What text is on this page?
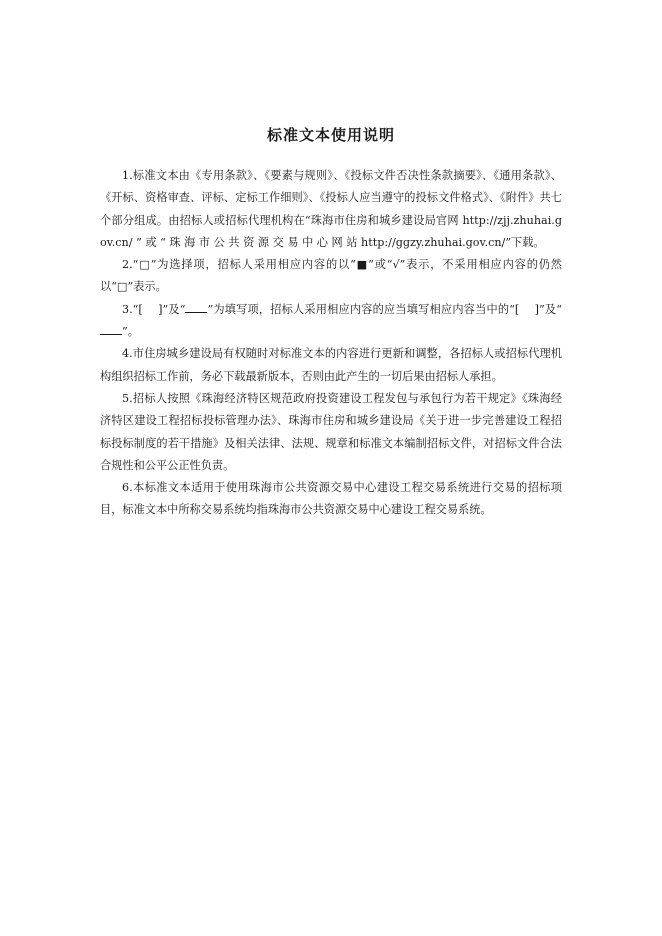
标准文本使用说明

1.标准文本由《专用条款》、《要素与规则》、《投标文件否决性条款摘要》、《通用条款》、《开标、资格审查、评标、定标工作细则》、《投标人应当遵守的投标文件格式》、《附件》共七个部分组成。由招标人或招标代理机构在“珠海市住房和城乡建设局官网 http://zjj.zhuhai.gov.cn/ ” 或 “ 珠 海 市 公 共 资 源 交 易 中 心 网 站 http://ggzy.zhuhai.gov.cn/”下载。

2.“□”为选择项，招标人采用相应内容的以“■”或“√”表示，不采用相应内容的仍然以“□”表示。

3.“[　 ]”及“ ”为填写项，招标人采用相应内容的应当填写相应内容当中的“[　 ]”及“”。

4.市住房城乡建设局有权随时对标准文本的内容进行更新和调整，各招标人或招标代理机构组织招标工作前，务必下载最新版本，否则由此产生的一切后果由招标人承担。

5.招标人按照《珠海经济特区规范政府投资建设工程发包与承包行为若干规定》《珠海经济特区建设工程招标投标管理办法》、珠海市住房和城乡建设局《关于进一步完善建设工程招标投标制度的若干措施》及相关法律、法规、规章和标准文本编制招标文件，对招标文件合法合规性和公平公正性负责。

6.本标准文本适用于使用珠海市公共资源交易中心建设工程交易系统进行交易的招标项目，标准文本中所称交易系统均指珠海市公共资源交易中心建设工程交易系统。
